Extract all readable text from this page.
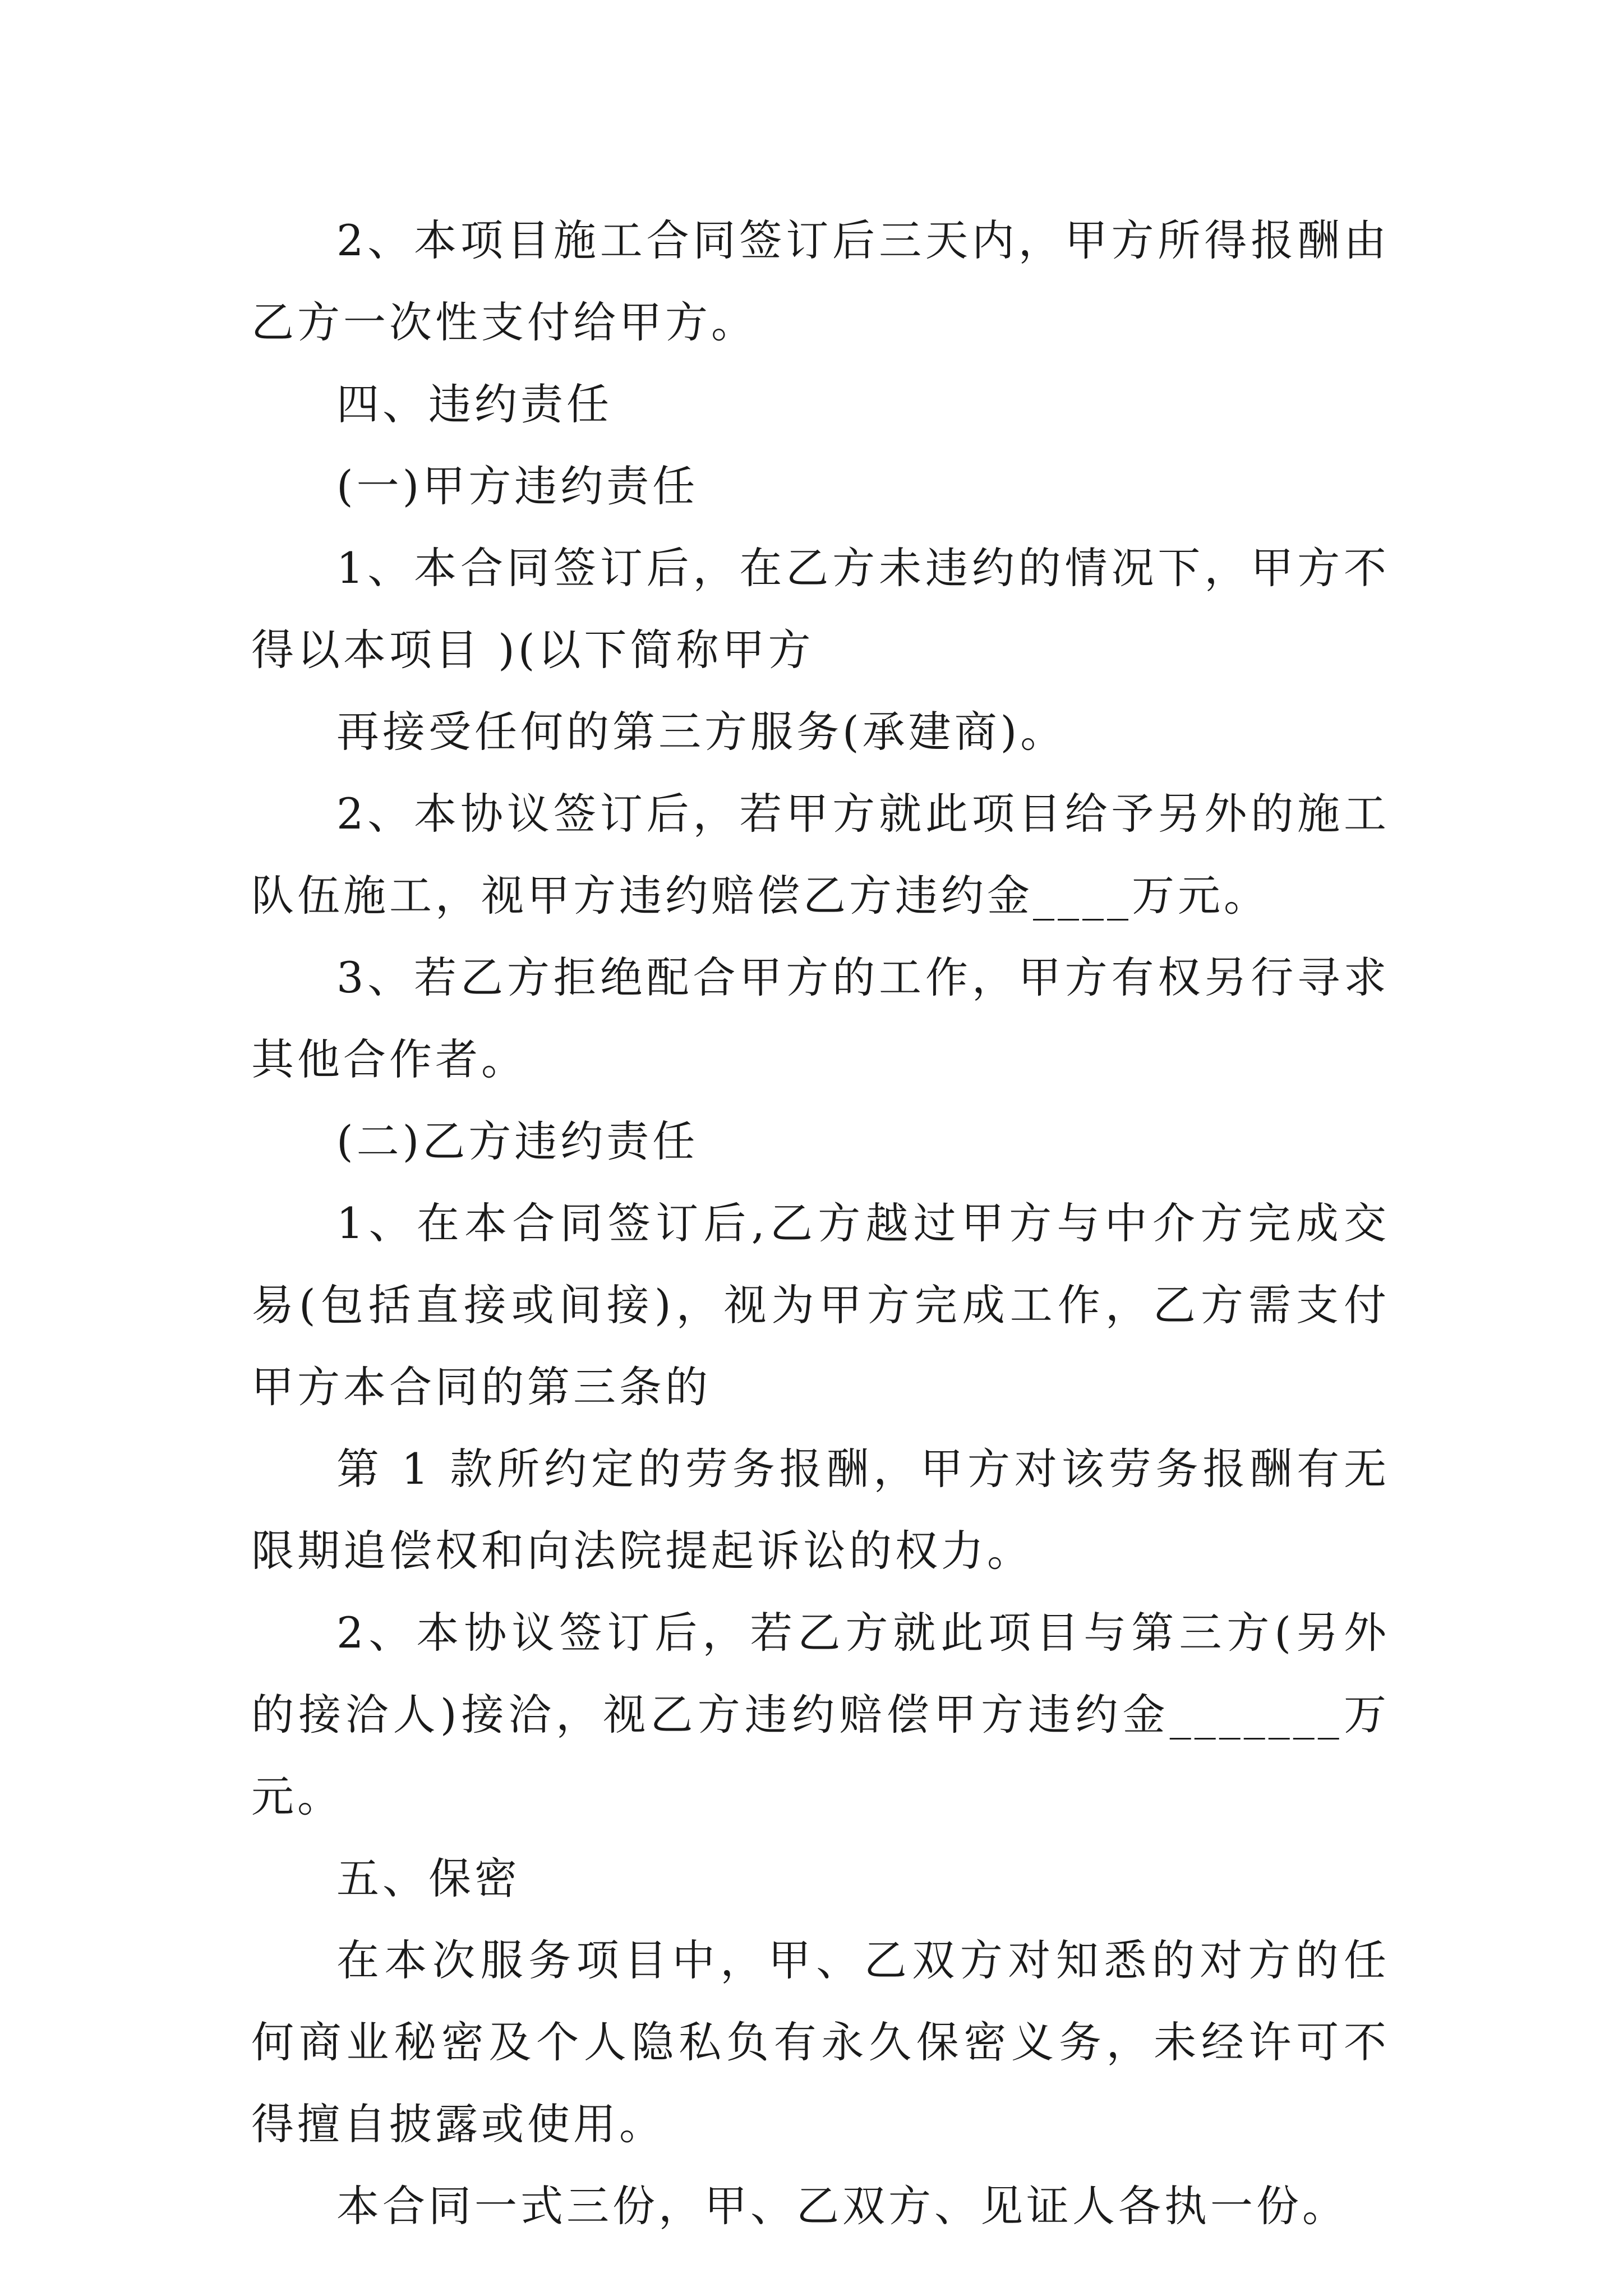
2、本项目施工合同签订后三天内，甲方所得报酬由乙方一次性支付给甲方。

四、违约责任

(一)甲方违约责任

1、本合同签订后，在乙方未违约的情况下，甲方不得以本项目 )(以下简称甲方

再接受任何的第三方服务(承建商)。

2、本协议签订后，若甲方就此项目给予另外的施工队伍施工，视甲方违约赔偿乙方违约金____万元。

3、若乙方拒绝配合甲方的工作，甲方有权另行寻求其他合作者。

(二)乙方违约责任

1、在本合同签订后,乙方越过甲方与中介方完成交易(包括直接或间接)，视为甲方完成工作，乙方需支付甲方本合同的第三条的

第 1 款所约定的劳务报酬，甲方对该劳务报酬有无限期追偿权和向法院提起诉讼的权力。

2、本协议签订后，若乙方就此项目与第三方(另外的接洽人)接洽，视乙方违约赔偿甲方违约金_______万元。

五、保密

在本次服务项目中，甲、乙双方对知悉的对方的任何商业秘密及个人隐私负有永久保密义务，未经许可不得擅自披露或使用。

本合同一式三份，甲、乙双方、见证人各执一份。
